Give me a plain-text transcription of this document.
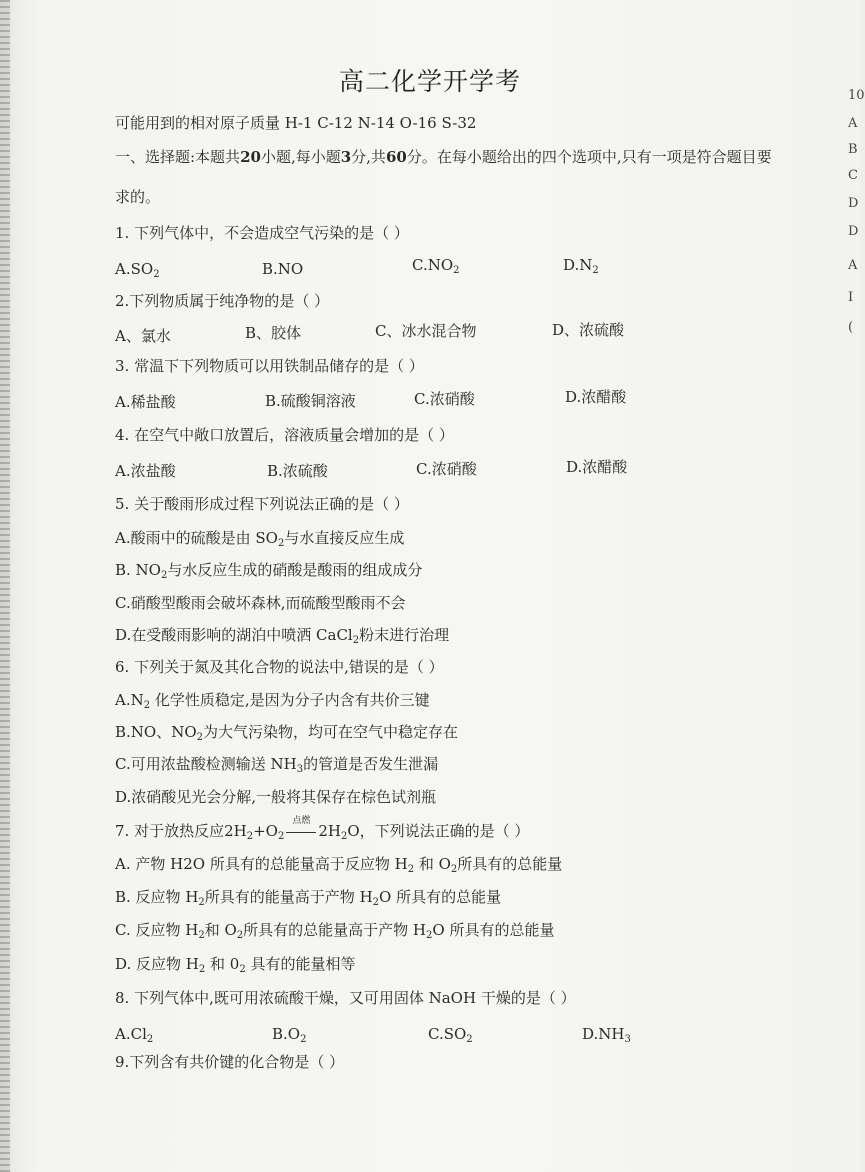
高二化学开学考
可能用到的相对原子质量 H-1 C-12 N-14 O-16 S-32
一、选择题:本题共20小题,每小题3分,共60分。在每小题给出的四个选项中,只有一项是符合题目要
求的。
1. 下列气体中，不会造成空气污染的是（ ）
$A.SO_2$	B.NO	$C.NO_2$	$D.N_2$
2.下列物质属于纯净物的是（ ）
A、氯水	B、胶体	C、冰水混合物	D、浓硫酸
3. 常温下下列物质可以用铁制品储存的是（ ）
A.稀盐酸	B.硫酸铜溶液	C.浓硝酸	D.浓醋酸
4. 在空气中敞口放置后，溶液质量会增加的是（ ）
A.浓盐酸	B.浓硫酸	C.浓硝酸	D.浓醋酸
5. 关于酸雨形成过程下列说法正确的是（ ）
A.酸雨中的硫酸是由 $SO_2$与水直接反应生成
B. $NO_2$与水反应生成的硝酸是酸雨的组成成分
C.硝酸型酸雨会破坏森林,而硫酸型酸雨不会
D.在受酸雨影响的湖泊中喷洒 CaCl$_2$粉末进行治理
6. 下列关于氮及其化合物的说法中,错误的是（ ）
$A.N_2$ 化学性质稳定,是因为分子内含有共价三键
B.NO、$NO_2$为大气污染物，均可在空气中稳定存在
C.可用浓盐酸检测输送 $NH_3$的管道是否发生泄漏
D.浓硝酸见光会分解,一般将其保存在棕色试剂瓶
7. 对于放热反应$2H_2+O_2$
点燃
$2H_2O$，下列说法正确的是（ ）
A. 产物 H2O 所具有的总能量高于反应物 $H_2$ 和 $O_2$所具有的总能量
B. 反应物 $H_2$所具有的能量高于产物 $H_2O$ 所具有的总能量
C. 反应物 $H_2$和 $O_2$所具有的总能量高于产物 $H_2O$ 所具有的总能量
D. 反应物 $H_2$ 和 $0_2$ 具有的能量相等
8. 下列气体中,既可用浓硫酸干燥，又可用固体 NaOH 干燥的是（ ）
$A.Cl_2$	$B.O_2$	$C.SO_2$	$D.NH_3$
9.下列含有共价键的化合物是（ ）
10
A
B
C
D
D
A
I
(
